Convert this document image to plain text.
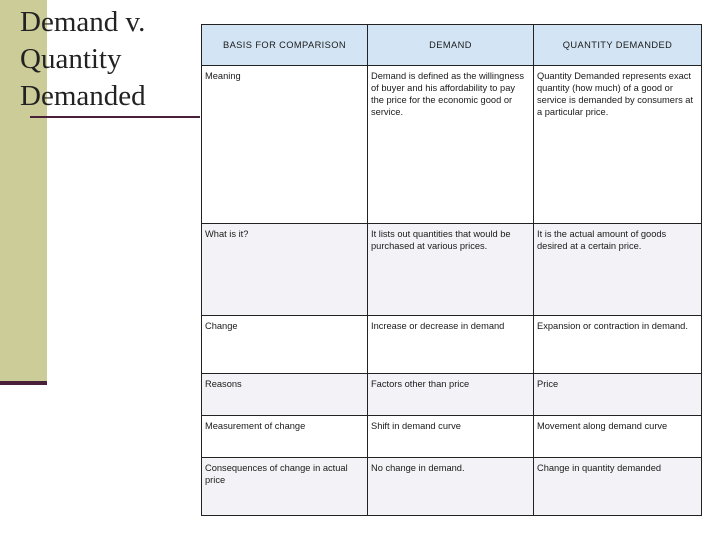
Demand v.
Quantity
Demanded
BASIS FOR COMPARISON	DEMAND	QUANTITY DEMANDED
Meaning	Demand is defined as the willingness of buyer and his affordability to pay the price for the economic good or service.	Quantity Demanded represents exact quantity (how much) of a good or service is demanded by consumers at a particular price.
What is it?	It lists out quantities that would be purchased at various prices.	It is the actual amount of goods desired at a certain price.
Change	Increase or decrease in demand	Expansion or contraction in demand.
Reasons	Factors other than price	Price
Measurement of change	Shift in demand curve	Movement along demand curve
Consequences of change in actual price	No change in demand.	Change in quantity demanded
